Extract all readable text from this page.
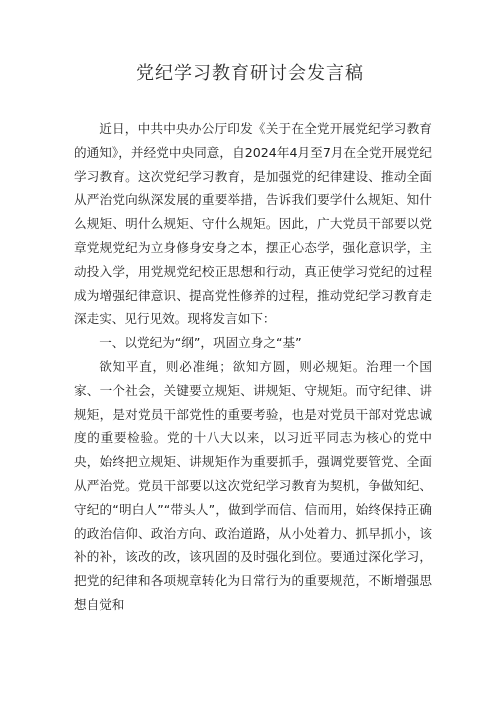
党纪学习教育研讨会发言稿

近日，中共中央办公厅印发《关于在全党开展党纪学习教育的通知》，并经党中央同意，自2024年4月至7月在全党开展党纪学习教育。这次党纪学习教育，是加强党的纪律建设、推动全面从严治党向纵深发展的重要举措，告诉我们要学什么规矩、知什么规矩、明什么规矩、守什么规矩。因此，广大党员干部要以党章党规党纪为立身修身安身之本，摆正心态学，强化意识学，主动投入学，用党规党纪校正思想和行动，真正使学习党纪的过程成为增强纪律意识、提高党性修养的过程，推动党纪学习教育走深走实、见行见效。现将发言如下：

一、以党纪为“纲”，巩固立身之“基”

欲知平直，则必准绳；欲知方圆，则必规矩。治理一个国家、一个社会，关键要立规矩、讲规矩、守规矩。而守纪律、讲规矩，是对党员干部党性的重要考验，也是对党员干部对党忠诚度的重要检验。党的十八大以来，以习近平同志为核心的党中央，始终把立规矩、讲规矩作为重要抓手，强调党要管党、全面从严治党。党员干部要以这次党纪学习教育为契机，争做知纪、守纪的“明白人”“带头人”，做到学而信、信而用，始终保持正确的政治信仰、政治方向、政治道路，从小处着力、抓早抓小，该补的补，该改的改，该巩固的及时强化到位。要通过深化学习，把党的纪律和各项规章转化为日常行为的重要规范，不断增强思想自觉和
